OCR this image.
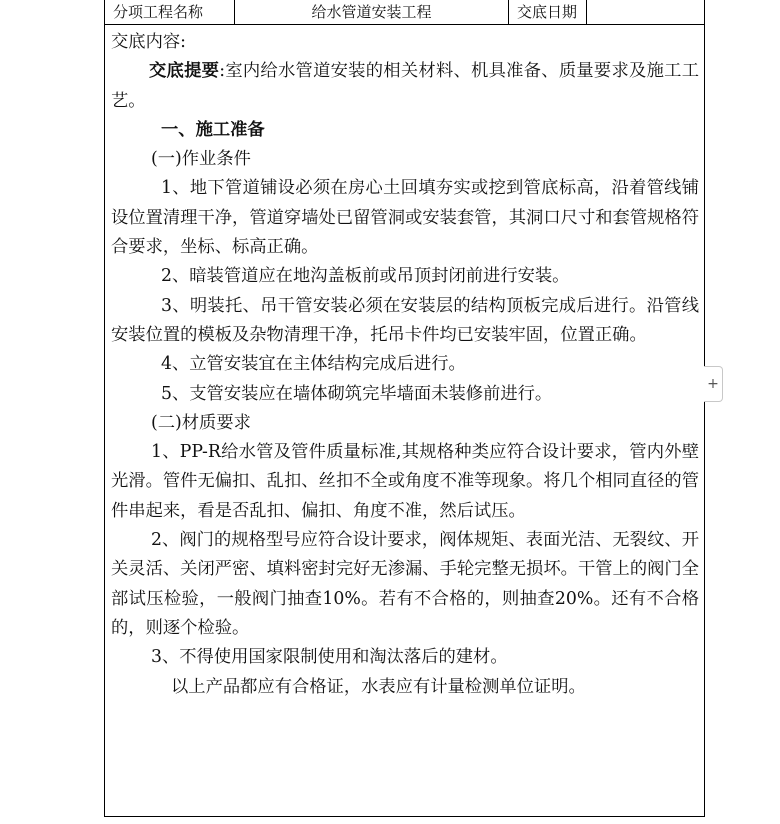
分项工程名称	给水管道安装工程	交底日期

交底内容:

交底提要:室内给水管道安装的相关材料、机具准备、质量要求及施工工艺。

一、施工准备

(一)作业条件

1、地下管道铺设必须在房心土回填夯实或挖到管底标高，沿着管线铺设位置清理干净，管道穿墙处已留管洞或安装套管，其洞口尺寸和套管规格符合要求，坐标、标高正确。

2、暗装管道应在地沟盖板前或吊顶封闭前进行安装。

3、明装托、吊干管安装必须在安装层的结构顶板完成后进行。沿管线安装位置的模板及杂物清理干净，托吊卡件均已安装牢固，位置正确。

4、立管安装宜在主体结构完成后进行。

5、支管安装应在墙体砌筑完毕墙面未装修前进行。

(二)材质要求

1、PP-R给水管及管件质量标准,其规格种类应符合设计要求，管内外壁光滑。管件无偏扣、乱扣、丝扣不全或角度不准等现象。将几个相同直径的管件串起来，看是否乱扣、偏扣、角度不准，然后试压。

2、阀门的规格型号应符合设计要求，阀体规矩、表面光洁、无裂纹、开关灵活、关闭严密、填料密封完好无渗漏、手轮完整无损坏。干管上的阀门全部试压检验，一般阀门抽查10%。若有不合格的，则抽查20%。还有不合格的，则逐个检验。

3、不得使用国家限制使用和淘汰落后的建材。

以上产品都应有合格证，水表应有计量检测单位证明。

+
